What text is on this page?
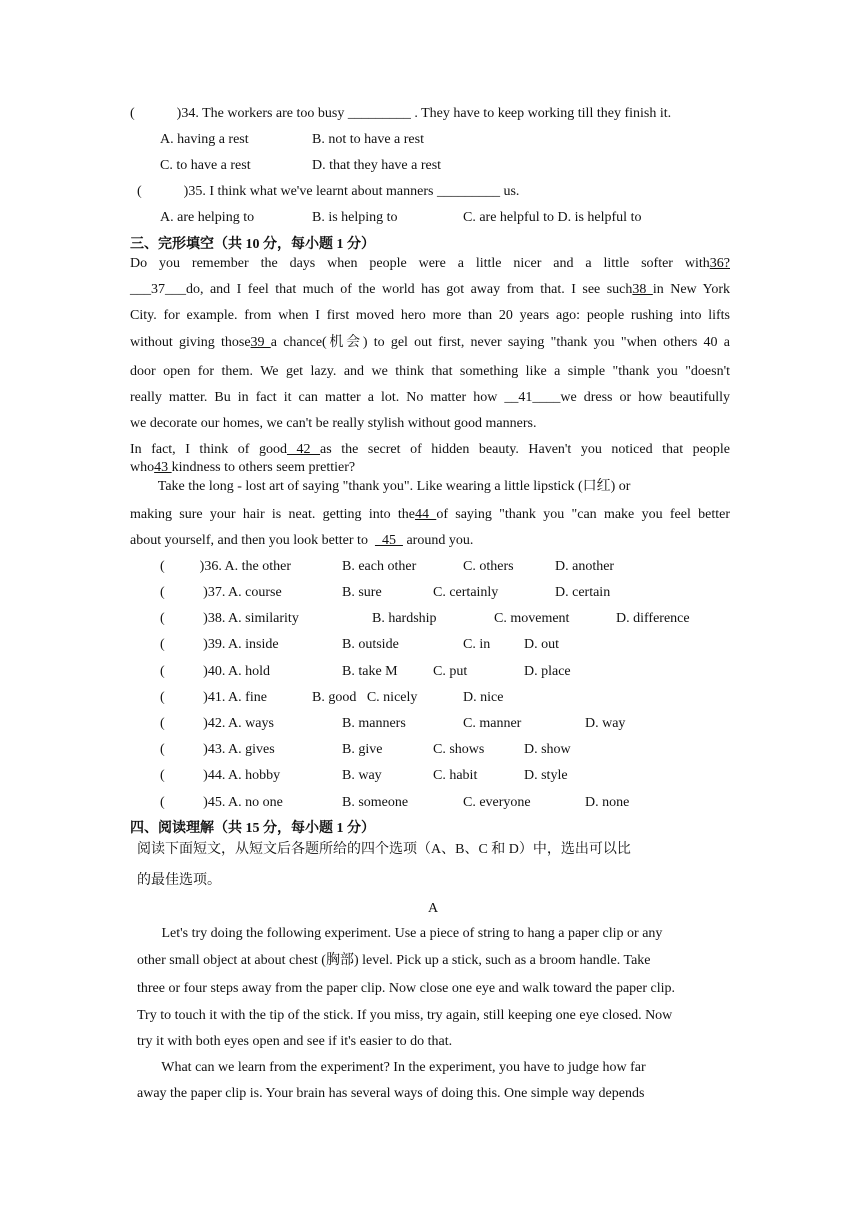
(            )34. The workers are too busy _________ . They have to keep working till they finish it.
A. having a rest	B. not to have a rest
C. to have a rest	D. that they have a rest
(            )35. I think what we've learnt about manners _________ us.
A. are helping to	B. is helping to	C. are helpful to D. is helpful to
三、完形填空（共 10 分，每小题 1 分）
Do you remember the days when people were a little nicer and a little softer with36?
___37___do, and I feel that much of the world has got away from that. I see such38 in New York
City. for example. from when I first moved hero more than 20 years ago: people rushing into lifts
without giving those39 a chance(机会) to gel out first, never saying "thank you "when others 40 a
door open for them. We get lazy. and we think that something like a simple "thank you "doesn't
really matter. Bu in fact it can matter a lot. No matter how __41____we dress or how beautifully
we decorate our homes, we can't be really stylish without good manners.
In fact, I think of good 42 as the secret of hidden beauty. Haven't you noticed that people
who43 kindness to others seem prettier?
Take the long - lost art of saying "thank you". Like wearing a little lipstick (口红) or
making sure your hair is neat. getting into the44 of saying "thank you "can make you feel better
about yourself, and then you look better to    45   around you.
(          )36. A. the other	B. each other	C. others	D. another
(           )37. A. course	B. sure	C. certainly	D. certain
(           )38. A. similarity	B. hardship	C. movement	D. difference
(           )39. A. inside	B. outside	C. in D. out
(           )40. A. hold	B. take M	C. put	D. place
(           )41. A. fine	B. good   C. nicely	D. nice
(           )42. A. ways	B. manners	C. manner	D. way
(           )43. A. gives	B. give	C. shows	D. show
(           )44. A. hobby	B. way	C. habit	D. style
(           )45. A. no one	B. someone	C. everyone	D. none
四、阅读理解（共 15 分，每小题 1 分）
阅读下面短文，从短文后各题所给的四个选项（A、B、C 和 D）中，选出可以比
的最佳选项。
A
Let's try doing the following experiment. Use a piece of string to hang a paper clip or any
other small object at about chest (胸部) level. Pick up a stick, such as a broom handle. Take
three or four steps away from the paper clip. Now close one eye and walk toward the paper clip.
Try to touch it with the tip of the stick. If you miss, try again, still keeping one eye closed. Now
try it with both eyes open and see if it's easier to do that.
What can we learn from the experiment? In the experiment, you have to judge how far
away the paper clip is. Your brain has several ways of doing this. One simple way depends
